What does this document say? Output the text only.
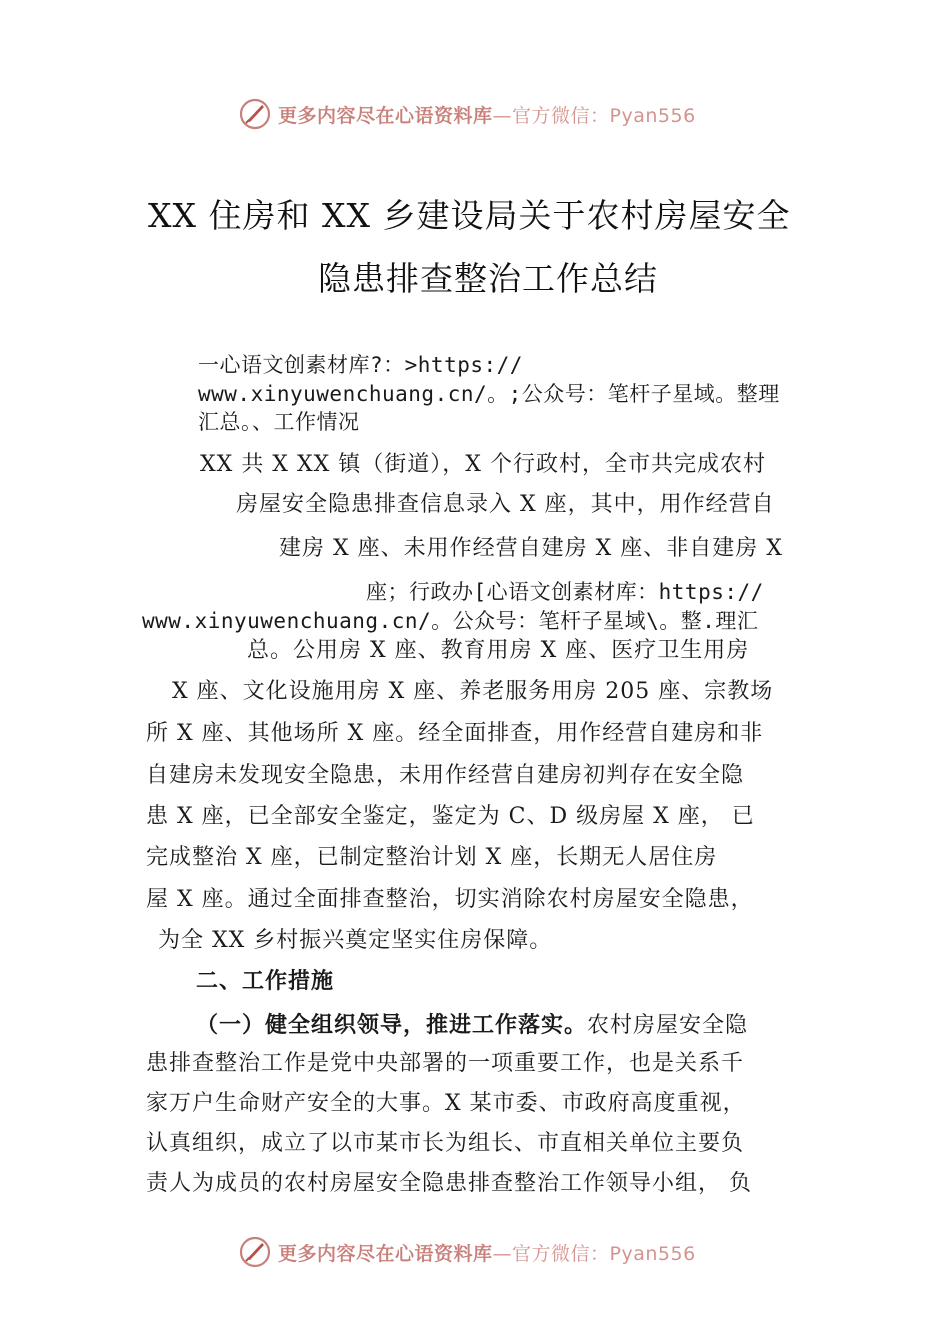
更多内容尽在心语资料库 —官方微信：Pyan556
XX 住房和 XX 乡建设局关于农村房屋安全
隐患排查整治工作总结
一心语文创素材库?：>https://
www.xinyuwenchuang.cn/。;公众号：笔杆子星域。整理
汇总。、工作情况
XX 共 X XX 镇（街道），X 个行政村，全市共完成农村
房屋安全隐患排查信息录入 X 座，其中，用作经营自
建房 X 座、未用作经营自建房 X 座、非自建房 X
座；行政办[心语文创素材库：https://
www.xinyuwenchuang.cn/。公众号：笔杆子星域\。整.理汇
总。公用房 X 座、教育用房 X 座、医疗卫生用房
X 座、文化设施用房 X 座、养老服务用房 205 座、宗教场
所 X 座、其他场所 X 座。经全面排查，用作经营自建房和非
自建房未发现安全隐患，未用作经营自建房初判存在安全隐
患 X 座，已全部安全鉴定，鉴定为 C、D 级房屋 X 座， 已
完成整治 X 座，已制定整治计划 X 座，长期无人居住房
屋 X 座。通过全面排查整治，切实消除农村房屋安全隐患，
为全 XX 乡村振兴奠定坚实住房保障。
二、工作措施
（一）健全组织领导，推进工作落实。农村房屋安全隐
患排查整治工作是党中央部署的一项重要工作，也是关系千
家万户生命财产安全的大事。X 某市委、市政府高度重视，
认真组织，成立了以市某市长为组长、市直相关单位主要负
责人为成员的农村房屋安全隐患排查整治工作领导小组， 负
更多内容尽在心语资料库 —官方微信：Pyan556
